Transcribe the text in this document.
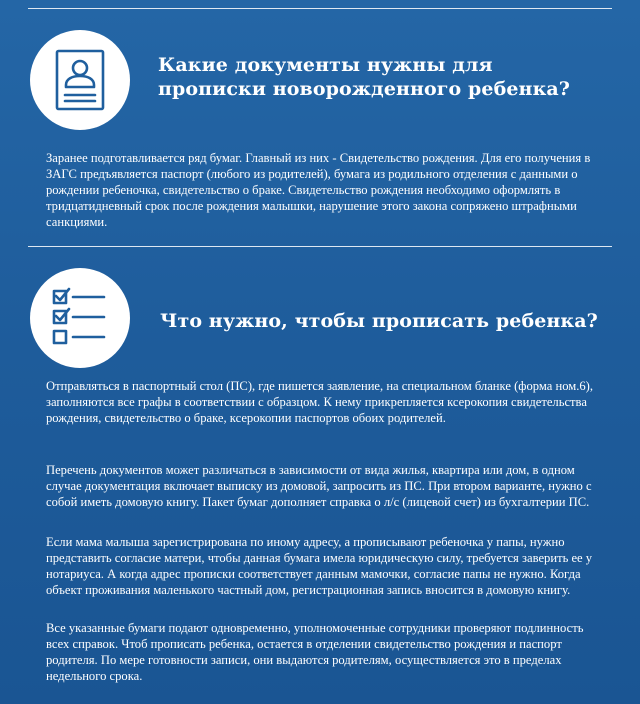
Какие документы нужны для
прописки новорожденного ребенка?
Заранее подготавливается ряд бумаг. Главный из них - Свидетельство рождения. Для его получения в ЗАГС предъявляется паспорт (любого из родителей), бумага из родильного отделения с данными о рождении ребеночка, свидетельство о браке. Свидетельство рождения необходимо оформлять в тридцатидневный срок после рождения малышки, нарушение этого закона сопряжено штрафными санкциями.
Что нужно, чтобы прописать ребенка?
Отправляться в паспортный стол (ПС), где пишется заявление, на специальном бланке (форма ном.6), заполняются все графы в соответствии с образцом. К нему прикрепляется ксерокопия свидетельства рождения, свидетельство о браке, ксерокопии паспортов обоих родителей.
Перечень документов может различаться в зависимости от вида жилья, квартира или дом, в одном случае документация включает выписку из домовой, запросить из ПС. При втором варианте, нужно с собой иметь домовую книгу. Пакет бумаг дополняет справка о л/с (лицевой счет) из бухгалтерии ПС.
Если мама малыша зарегистрирована по иному адресу, а прописывают ребеночка у папы, нужно представить согласие матери, чтобы данная бумага имела юридическую силу, требуется заверить ее у нотариуса. А когда адрес прописки соответствует данным мамочки, согласие папы не нужно. Когда объект проживания маленького частный дом, регистрационная запись вносится в домовую книгу.
Все указанные бумаги подают одновременно, уполномоченные сотрудники проверяют подлинность всех справок. Чтоб прописать ребенка, остается в отделении свидетельство рождения и паспорт родителя. По мере готовности записи, они выдаются родителям, осуществляется это в пределах недельного срока.
